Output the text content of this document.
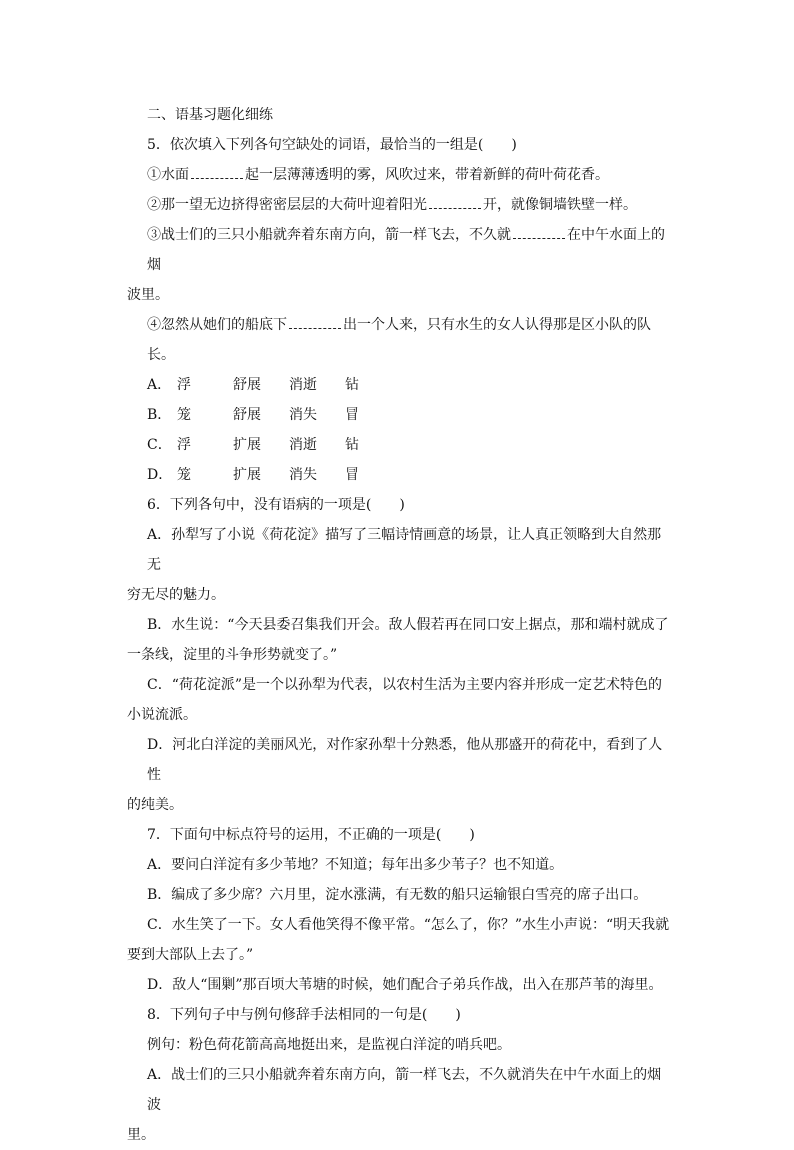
二、语基习题化细练

5．依次填入下列各句空缺处的词语，最恰当的一组是(　　)

①水面	起一层薄薄透明的雾，风吹过来，带着新鲜的荷叶荷花香。

②那一望无边挤得密密层层的大荷叶迎着阳光	开，就像铜墙铁壁一样。

③战士们的三只小船就奔着东南方向，箭一样飞去，不久就	在中午水面上的烟

波里。

④忽然从她们的船底下	出一个人来，只有水生的女人认得那是区小队的队长。

A． 浮	舒展 消逝 钻

B． 笼	舒展 消失 冒

C． 浮	扩展 消逝 钻

D． 笼	扩展 消失 冒

6．下列各句中，没有语病的一项是(　　)

A．孙犁写了小说《荷花淀》描写了三幅诗情画意的场景，让人真正领略到大自然那无

穷无尽的魅力。

B．水生说：“今天县委召集我们开会。敌人假若再在同口安上据点，那和端村就成了

一条线，淀里的斗争形势就变了。”

C．“荷花淀派”是一个以孙犁为代表，以农村生活为主要内容并形成一定艺术特色的

小说流派。

D．河北白洋淀的美丽风光，对作家孙犁十分熟悉，他从那盛开的荷花中，看到了人性

的纯美。

7．下面句中标点符号的运用，不正确的一项是(　　)

A．要问白洋淀有多少苇地？不知道；每年出多少苇子？也不知道。

B．编成了多少席？六月里，淀水涨满，有无数的船只运输银白雪亮的席子出口。

C．水生笑了一下。女人看他笑得不像平常。“怎么了，你？”水生小声说：“明天我就

要到大部队上去了。”

D．敌人“围剿”那百顷大苇塘的时候，她们配合子弟兵作战，出入在那芦苇的海里。

8．下列句子中与例句修辞手法相同的一句是(　　)

例句：粉色荷花箭高高地挺出来，是监视白洋淀的哨兵吧。

A．战士们的三只小船就奔着东南方向，箭一样飞去，不久就消失在中午水面上的烟波

里。
